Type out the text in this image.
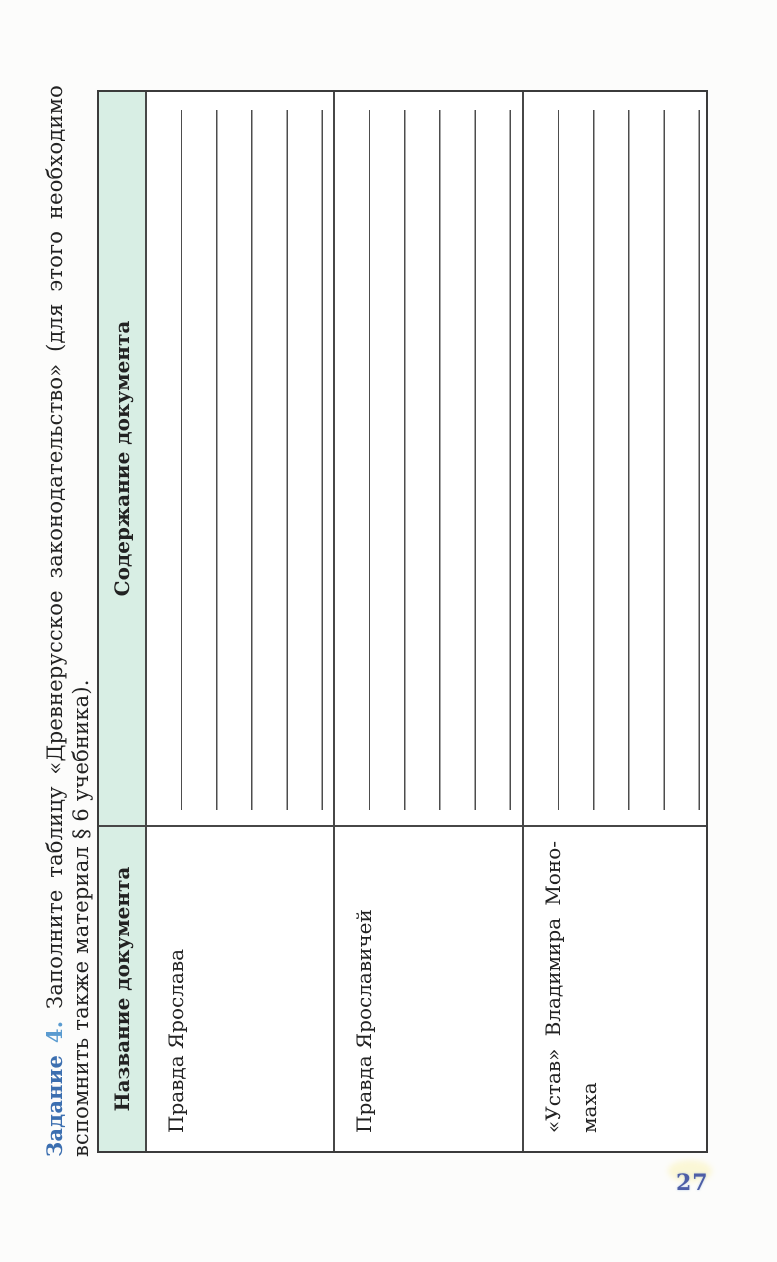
Задание 4. Заполните таблицу «Древнерусское законодательство» (для этого необходимо вспомнить также материал § 6 учебника). Название документа
Содержание документа
Правда Ярослава	Правда Ярославичей	«Устав» Владимира Моно- маха
27
